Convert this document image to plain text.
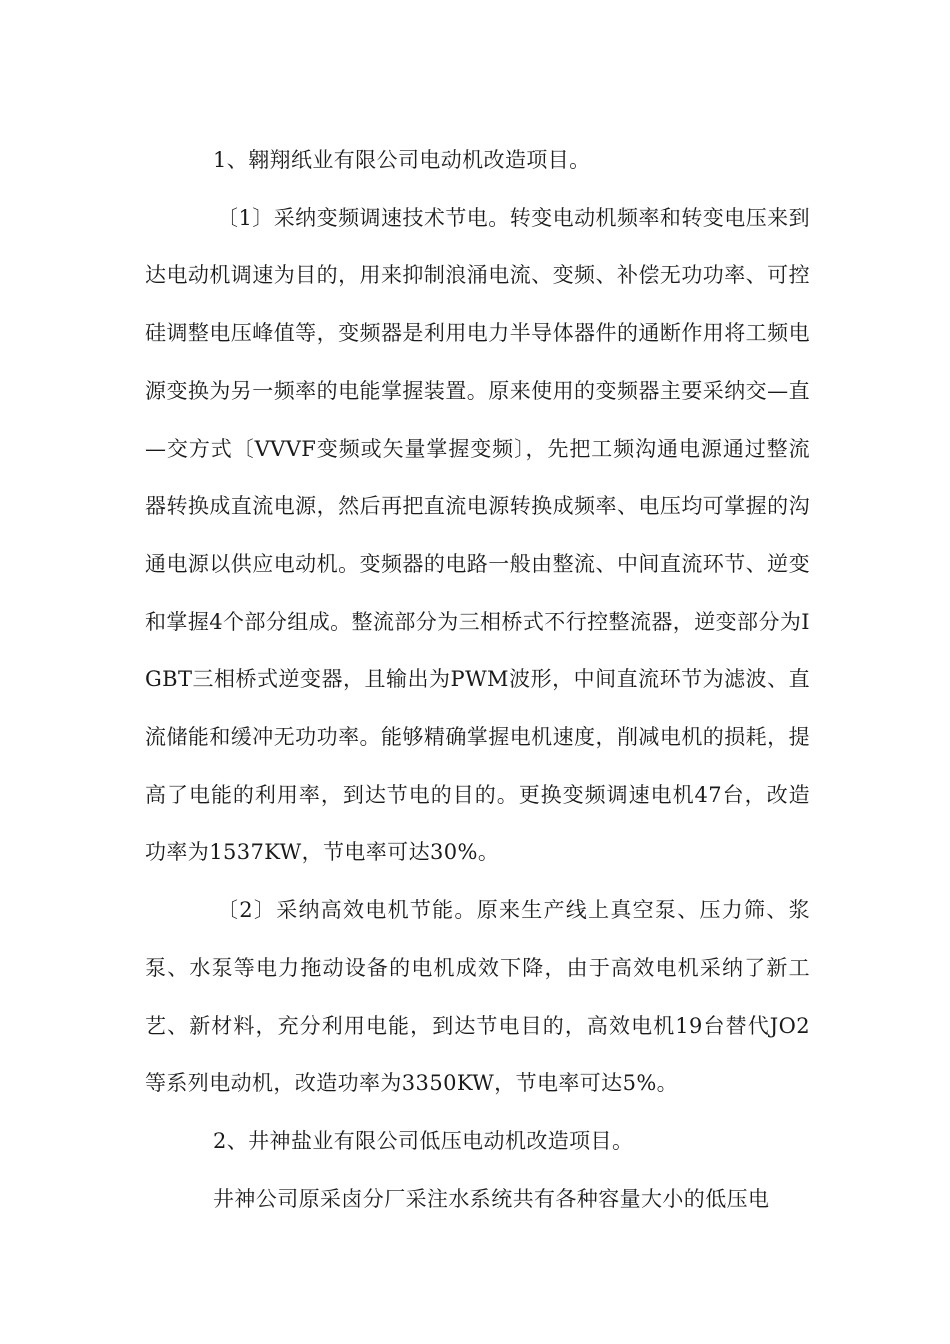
1、翱翔纸业有限公司电动机改造项目。

〔1〕采纳变频调速技术节电。转变电动机频率和转变电压来到达电动机调速为目的，用来抑制浪涌电流、变频、补偿无功功率、可控硅调整电压峰值等，变频器是利用电力半导体器件的通断作用将工频电源变换为另一频率的电能掌握装置。原来使用的变频器主要采纳交—直—交方式〔VVVF变频或矢量掌握变频〕，先把工频沟通电源通过整流器转换成直流电源，然后再把直流电源转换成频率、电压均可掌握的沟通电源以供应电动机。变频器的电路一般由整流、中间直流环节、逆变和掌握4个部分组成。整流部分为三相桥式不行控整流器，逆变部分为IGBT三相桥式逆变器，且输出为PWM波形，中间直流环节为滤波、直流储能和缓冲无功功率。能够精确掌握电机速度，削减电机的损耗，提高了电能的利用率，到达节电的目的。更换变频调速电机47台，改造功率为1537KW，节电率可达30%。

〔2〕采纳高效电机节能。原来生产线上真空泵、压力筛、浆泵、水泵等电力拖动设备的电机成效下降，由于高效电机采纳了新工艺、新材料，充分利用电能，到达节电目的，高效电机19台替代JO2等系列电动机，改造功率为3350KW，节电率可达5%。

2、井神盐业有限公司低压电动机改造项目。

井神公司原采卤分厂采注水系统共有各种容量大小的低压电
